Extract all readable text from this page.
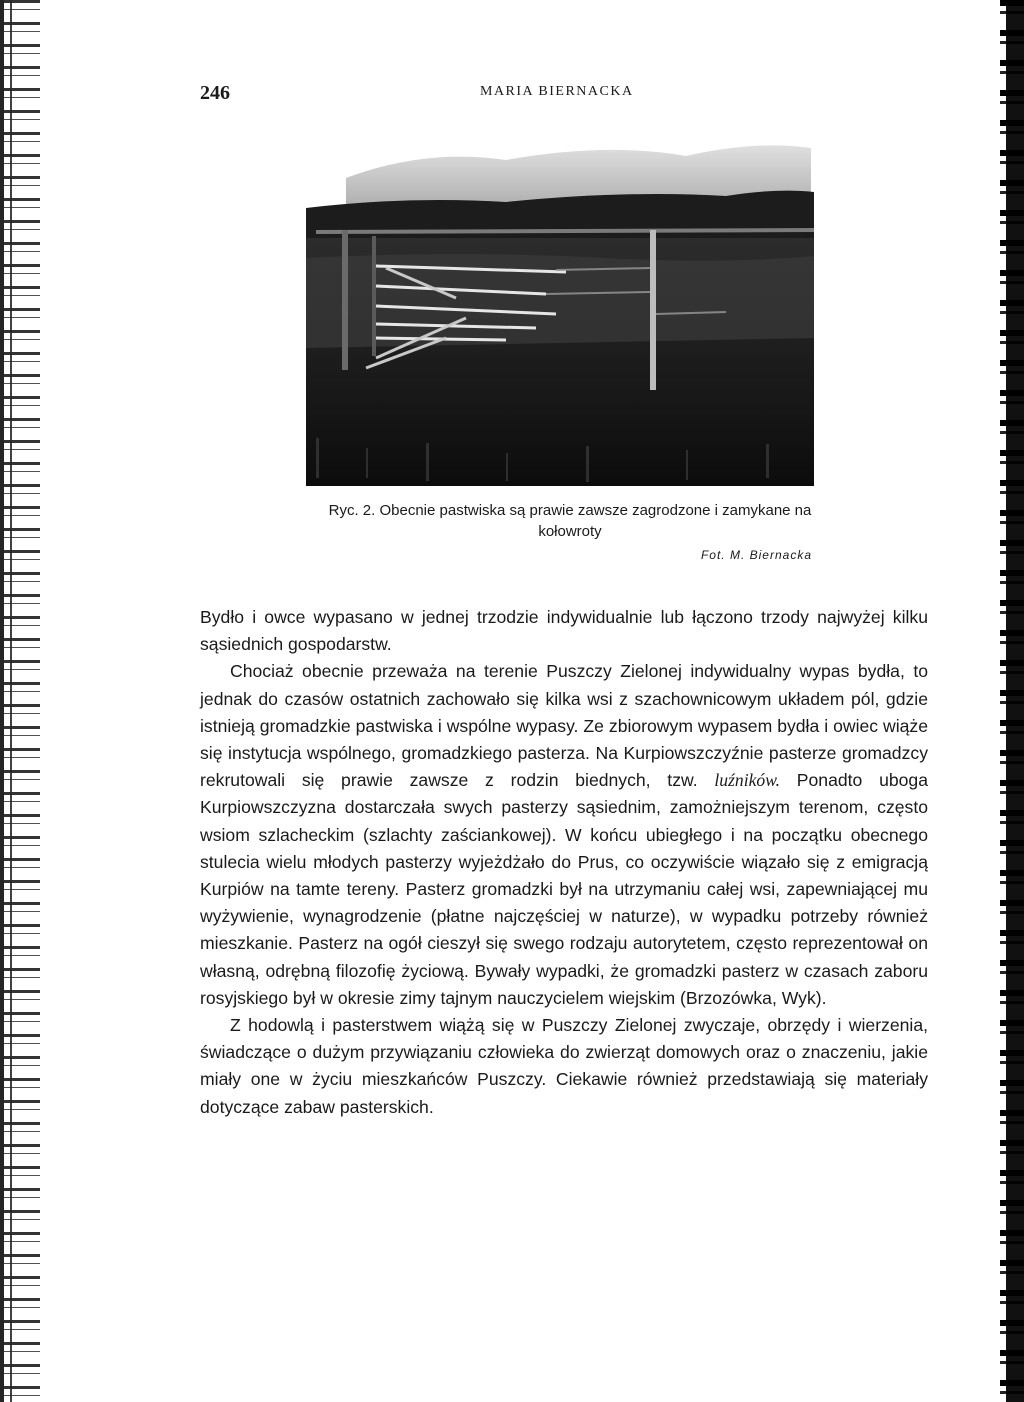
246	MARIA BIERNACKA
Ryc. 2. Obecnie pastwiska są prawie zawsze zagrodzone i zamykane na kołowroty
Fot. M. Biernacka

Bydło i owce wypasano w jednej trzodzie indywidualnie lub łączono trzody najwyżej kilku sąsiednich gospodarstw.

Chociaż obecnie przeważa na terenie Puszczy Zielonej indywidualny wypas bydła, to jednak do czasów ostatnich zachowało się kilka wsi z szachownicowym układem pól, gdzie istnieją gromadzkie pastwiska i wspólne wypasy. Ze zbiorowym wypasem bydła i owiec wiąże się instytucja wspólnego, gromadzkiego pasterza. Na Kurpiowszczyźnie pasterze gromadzcy rekrutowali się prawie zawsze z rodzin biednych, tzw. luźników. Ponadto uboga Kurpiowszczyzna dostarczała swych pasterzy sąsiednim, zamożniejszym terenom, często wsiom szlacheckim (szlachty zaściankowej). W końcu ubiegłego i na początku obecnego stulecia wielu młodych pasterzy wyjeżdżało do Prus, co oczywiście wiązało się z emigracją Kurpiów na tamte tereny. Pasterz gromadzki był na utrzymaniu całej wsi, zapewniającej mu wyżywienie, wynagrodzenie (płatne najczęściej w naturze), w wypadku potrzeby również mieszkanie. Pasterz na ogół cieszył się swego rodzaju autorytetem, często reprezentował on własną, odrębną filozofię życiową. Bywały wypadki, że gromadzki pasterz w czasach zaboru rosyjskiego był w okresie zimy tajnym nauczycielem wiejskim (Brzozówka, Wyk).

Z hodowlą i pasterstwem wiążą się w Puszczy Zielonej zwyczaje, obrzędy i wierzenia, świadczące o dużym przywiązaniu człowieka do zwierząt domowych oraz o znaczeniu, jakie miały one w życiu mieszkańców Puszczy. Ciekawie również przedstawiają się materiały dotyczące zabaw pasterskich.
